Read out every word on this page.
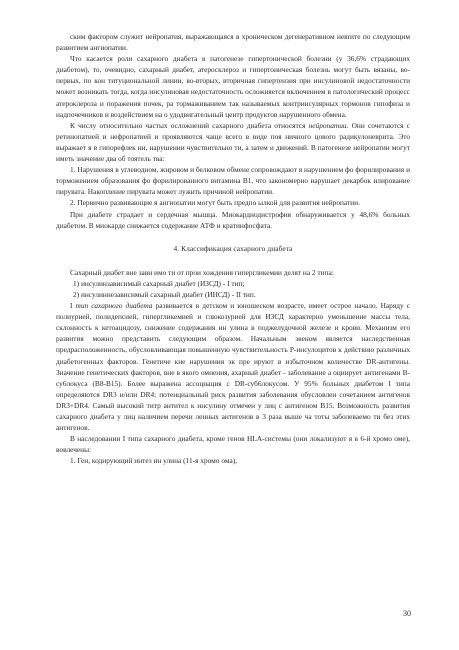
ским фактором служит нейропатия, выражающаяся в хроническом дегенеративном невrите по следующим развитием ангиопатии.

Что касается роли сахарного диабета в патогенезе гипертонической болезни (у 36,6% страдающих диабетом), то, очевидно, сахарный диабет, атеросклероз и гипертоническая болезнь могут быть вязаны, во-первых, по кон титуциональной линии, во-вторых, вторичная гипертензия при инсулиновой недостаточности может возникать тогда, когда инсулиновая недостаточность осложняется включением в патологический процесс атероклероза и поражения почек, ра тормаживанием так называемых контринсулярных гормонов гипофиза и надпочечников и воздействием на о удодвигательный центр продуктов нарушенного обмена.

К числу относительно частых осложнений сахарного диабета относятся нейропатии. Они сочетаются с ретинопатией и нефропатией и проявляются чаще всего в виде поя ничного цового радикулоневрита. Это выражает я в гипорефлек ии, нарушении чувствительно ти, а затем и движений. В патогенезе нейропатии могут иметь значение два об тоятель тва:

1. Нарушения в углеводном, жировом и белковом обмене сопровождают я нарушением фо форилирования и торможением образования фо форилированного витамина В1, что закономерно нарушает декарбок илирование пирувата. Накопление пирувата может лужить причиной нейропатии.

2. Первично развивающие я ангиопатии могут быть предпо ылкой для развития нейропатии.

При диабете страдает и сердечная мышца. Миокардиодистрофия обнаруживается у 48,6% больных диабетом. В миокарде снижается содержание АТФ и кратинфосфата.

4. Классификация сахарного диабета

Сахарный диабет вне зави имо ти от прои хождения гипергликемии делят на 2 типа:

1) инсулинзависимый сахарный диабет (ИЗСД) - I тип;

2) инсулиннезависимый сахарный диабет (ИНСД) - II тип.

I тип сахарного диабета развивается в детском и юношеском возрасте, имеет острое начало. Наряду с полиурией, полидепсией, гипергликемией и глюкозурией для ИЗСД характерно уменьшение массы тела, склонность к кетоацидозу, снижение содержания ин улина в поджелудочной железе и крови. Механизм его развития можно представить следующим образом. Начальным звеном является наследственная предрасположенность, обусловливающая повышенную чувствительность Р-инсулоцитов к действию различных диабетогенных факторов. Генетиче кие нарушения эк пре ируют в избыточном количестве DR-антигены. Значение генетических факторов, вне в якого омнения, ахарный диабет - заболевание а оциирует антигенами В-су6локуса (В8-В15). Более выражена ассоциация с DR-суб6локусом. У 95% больных диабетом I типа определяются DR3 и/или DR4; потенциальный риск развития заболевания обусловлен сочетанием антигенов DR3+DR4. Самый высокий титр антител к инсулину отмечен у лиц с антигеном В15. Возможность развития сахарного диабета у лиц наличием перечи ленных антигенов в 3 раза выше ча тоты заболеваемо ти без этих антигенов.

В наследовании I типа сахарного диабета, кроме генов HLA-системы (они локализуют я в 6-й хромо оме), вовлечены:

1. Ген, кодирующий интез ин улина (11-я хромо ома),

30
